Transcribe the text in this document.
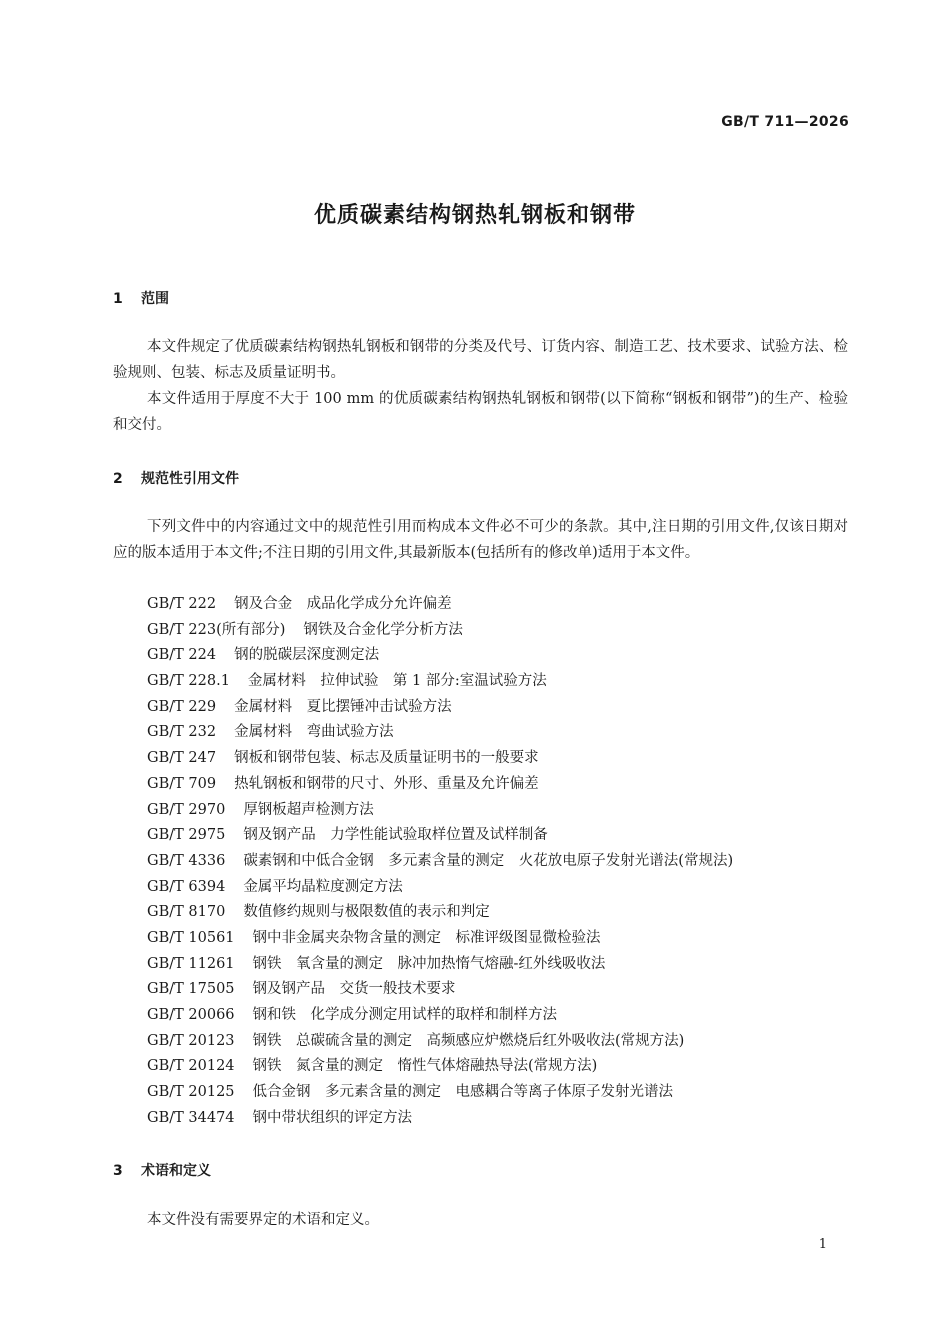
GB/T 711—2026
优质碳素结构钢热轧钢板和钢带
1 范围

本文件规定了优质碳素结构钢热轧钢板和钢带的分类及代号、订货内容、制造工艺、技术要求、试验方法、检验规则、包装、标志及质量证明书。

本文件适用于厚度不大于 100 mm 的优质碳素结构钢热轧钢板和钢带(以下简称“钢板和钢带”)的生产、检验和交付。

2 规范性引用文件

下列文件中的内容通过文中的规范性引用而构成本文件必不可少的条款。其中,注日期的引用文件,仅该日期对应的版本适用于本文件;不注日期的引用文件,其最新版本(包括所有的修改单)适用于本文件。

GB/T 222 钢及合金　成品化学成分允许偏差
GB/T 223(所有部分) 钢铁及合金化学分析方法
GB/T 224 钢的脱碳层深度测定法
GB/T 228.1 金属材料　拉伸试验　第 1 部分:室温试验方法
GB/T 229 金属材料　夏比摆锤冲击试验方法
GB/T 232 金属材料　弯曲试验方法
GB/T 247 钢板和钢带包装、标志及质量证明书的一般要求
GB/T 709 热轧钢板和钢带的尺寸、外形、重量及允许偏差
GB/T 2970 厚钢板超声检测方法
GB/T 2975 钢及钢产品　力学性能试验取样位置及试样制备
GB/T 4336 碳素钢和中低合金钢　多元素含量的测定　火花放电原子发射光谱法(常规法)
GB/T 6394 金属平均晶粒度测定方法
GB/T 8170 数值修约规则与极限数值的表示和判定
GB/T 10561 钢中非金属夹杂物含量的测定　标准评级图显微检验法
GB/T 11261 钢铁　氧含量的测定　脉冲加热惰气熔融-红外线吸收法
GB/T 17505 钢及钢产品　交货一般技术要求
GB/T 20066 钢和铁　化学成分测定用试样的取样和制样方法
GB/T 20123 钢铁　总碳硫含量的测定　高频感应炉燃烧后红外吸收法(常规方法)
GB/T 20124 钢铁　氮含量的测定　惰性气体熔融热导法(常规方法)
GB/T 20125 低合金钢　多元素含量的测定　电感耦合等离子体原子发射光谱法
GB/T 34474 钢中带状组织的评定方法
3 术语和定义

本文件没有需要界定的术语和定义。

1
